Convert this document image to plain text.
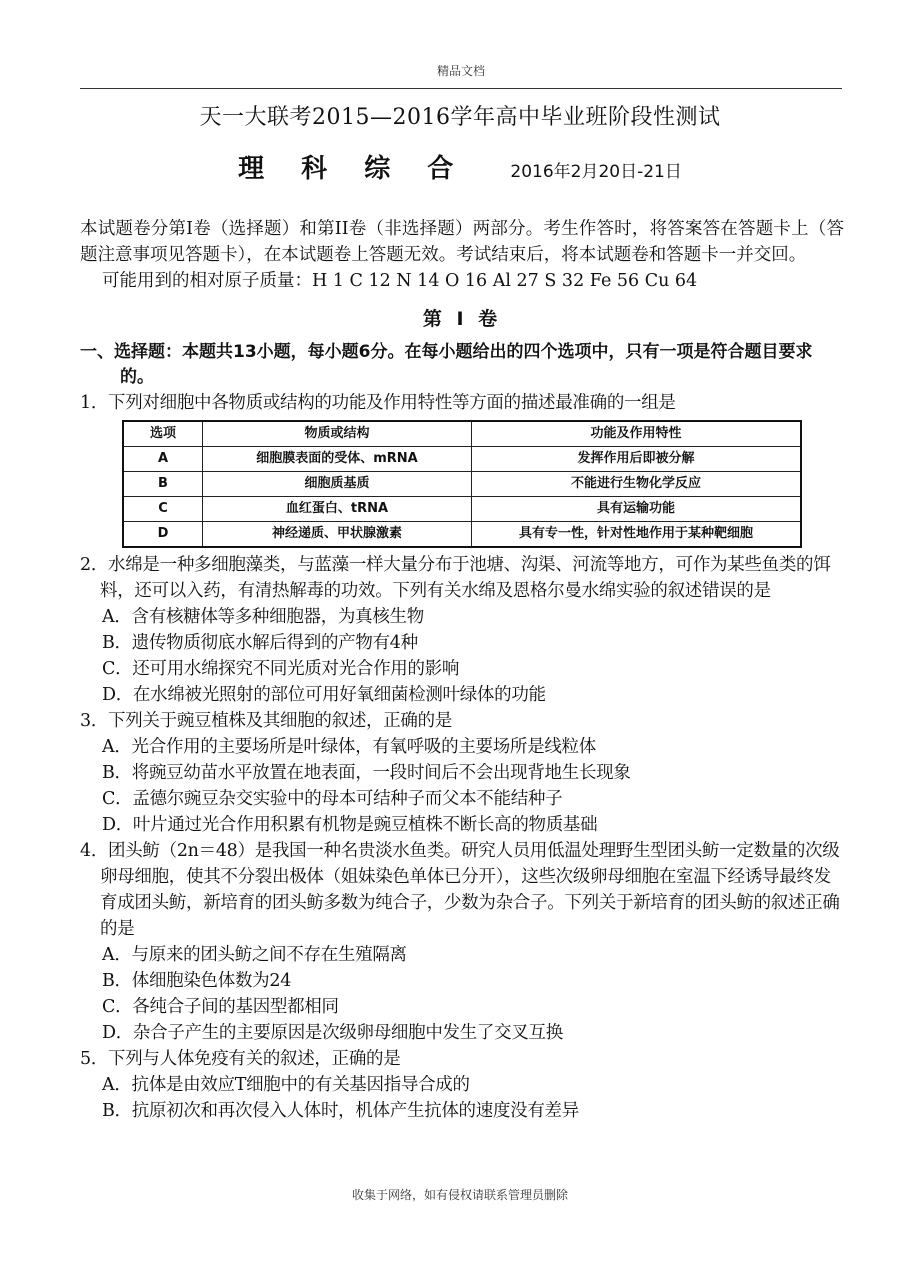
精品文档
天一大联考2015—2016学年高中毕业班阶段性测试
理 科 综 合	2016年2月20日-21日

本试题卷分第I卷（选择题）和第II卷（非选择题）两部分。考生作答时，将答案答在答题卡上（答题注意事项见答题卡），在本试题卷上答题无效。考试结束后，将本试题卷和答题卡一并交回。

可能用到的相对原子质量：H 1 C 12 N 14 O 16 Al 27 S 32 Fe 56 Cu 64

第 I 卷

一、选择题：本题共13小题，每小题6分。在每小题给出的四个选项中，只有一项是符合题目要求的。

1．下列对细胞中各物质或结构的功能及作用特性等方面的描述最准确的一组是

选项	物质或结构	功能及作用特性
A	细胞膜表面的受体、mRNA	发挥作用后即被分解
B	细胞质基质	不能进行生物化学反应
C	血红蛋白、tRNA	具有运输功能
D	神经递质、甲状腺激素	具有专一性，针对性地作用于某种靶细胞

2．水绵是一种多细胞藻类，与蓝藻一样大量分布于池塘、沟渠、河流等地方，可作为某些鱼类的饵料，还可以入药，有清热解毒的功效。下列有关水绵及恩格尔曼水绵实验的叙述错误的是

A．含有核糖体等多种细胞器，为真核生物

B．遗传物质彻底水解后得到的产物有4种

C．还可用水绵探究不同光质对光合作用的影响

D．在水绵被光照射的部位可用好氧细菌检测叶绿体的功能

3．下列关于豌豆植株及其细胞的叙述，正确的是

A．光合作用的主要场所是叶绿体，有氧呼吸的主要场所是线粒体

B．将豌豆幼苗水平放置在地表面，一段时间后不会出现背地生长现象

C．孟德尔豌豆杂交实验中的母本可结种子而父本不能结种子

D．叶片通过光合作用积累有机物是豌豆植株不断长高的物质基础

4．团头鲂（2n＝48）是我国一种名贵淡水鱼类。研究人员用低温处理野生型团头鲂一定数量的次级卵母细胞，使其不分裂出极体（姐妹染色单体已分开），这些次级卵母细胞在室温下经诱导最终发育成团头鲂，新培育的团头鲂多数为纯合子，少数为杂合子。下列关于新培育的团头鲂的叙述正确的是

A．与原来的团头鲂之间不存在生殖隔离

B．体细胞染色体数为24

C．各纯合子间的基因型都相同

D．杂合子产生的主要原因是次级卵母细胞中发生了交叉互换

5．下列与人体免疫有关的叙述，正确的是

A．抗体是由效应T细胞中的有关基因指导合成的

B．抗原初次和再次侵入人体时，机体产生抗体的速度没有差异

收集于网络，如有侵权请联系管理员删除
